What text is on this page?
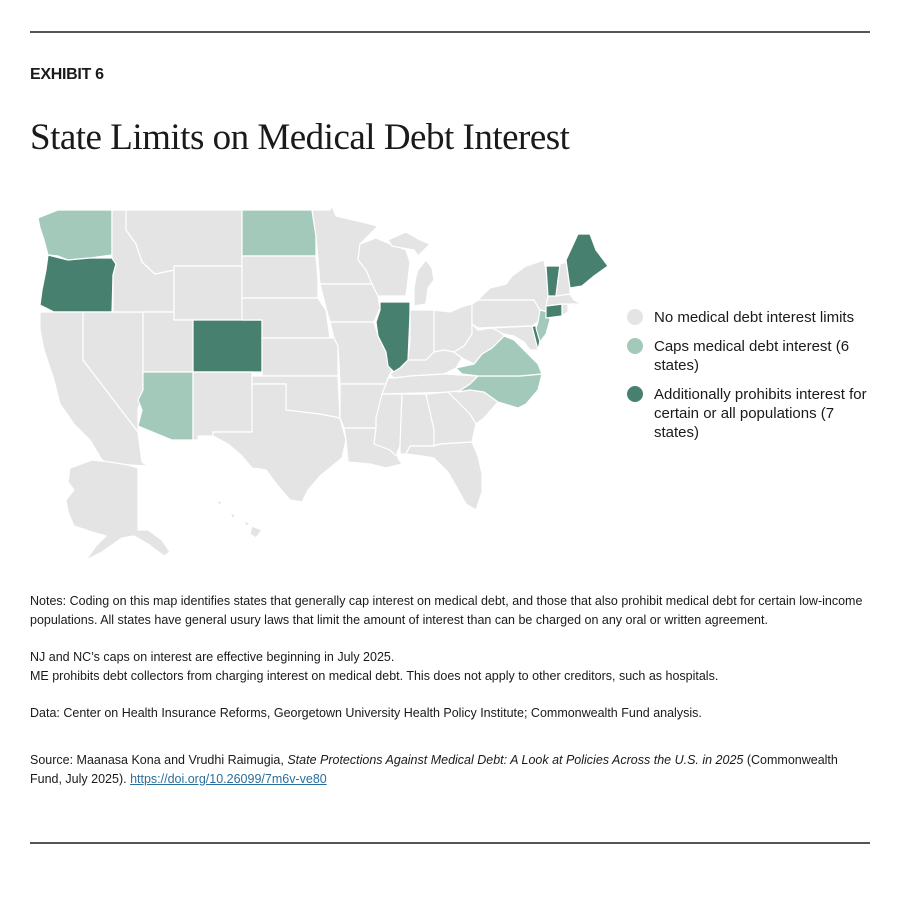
EXHIBIT 6
State Limits on Medical Debt Interest
No medical debt interest limits
Caps medical debt interest (6 states)
Additionally prohibits interest for certain or all populations (7 states)

Notes: Coding on this map identifies states that generally cap interest on medical debt, and those that also prohibit medical debt for certain low-income populations. All states have general usury laws that limit the amount of interest than can be charged on any oral or written agreement.

NJ and NC’s caps on interest are effective beginning in July 2025.

ME prohibits debt collectors from charging interest on medical debt. This does not apply to other creditors, such as hospitals.

Data: Center on Health Insurance Reforms, Georgetown University Health Policy Institute; Commonwealth Fund analysis.

Source: Maanasa Kona and Vrudhi Raimugia, State Protections Against Medical Debt: A Look at Policies Across the U.S. in 2025 (Commonwealth Fund, July 2025). https://doi.org/10.26099/7m6v-ve80
